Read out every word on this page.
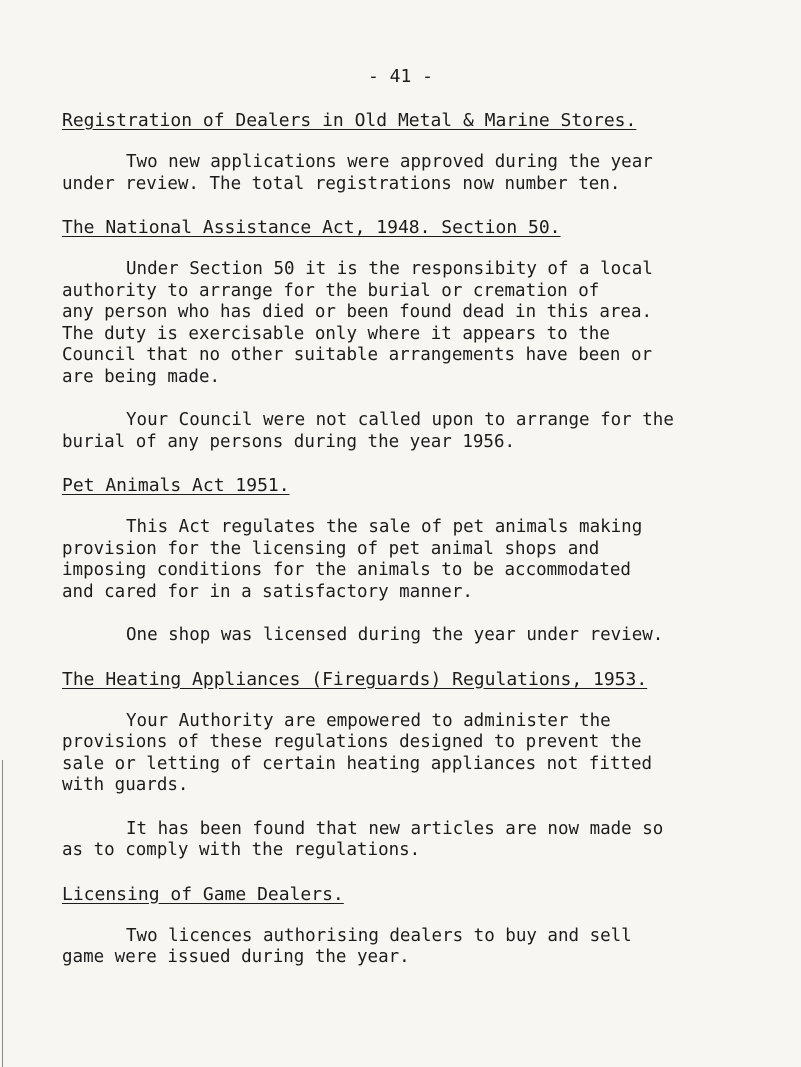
- 41 -
Registration of Dealers in Old Metal & Marine Stores.
Two new applications were approved during the year
under review. The total registrations now number ten.
The National Assistance Act, 1948. Section 50.
Under Section 50 it is the responsibity of a local
authority to arrange for the burial or cremation of
any person who has died or been found dead in this area.
The duty is exercisable only where it appears to the
Council that no other suitable arrangements have been or
are being made.
Your Council were not called upon to arrange for the
burial of any persons during the year 1956.
Pet Animals Act 1951.
This Act regulates the sale of pet animals making
provision for the licensing of pet animal shops and
imposing conditions for the animals to be accommodated
and cared for in a satisfactory manner.
One shop was licensed during the year under review.
The Heating Appliances (Fireguards) Regulations, 1953.
Your Authority are empowered to administer the
provisions of these regulations designed to prevent the
sale or letting of certain heating appliances not fitted
with guards.
It has been found that new articles are now made so
as to comply with the regulations.
Licensing of Game Dealers.
Two licences authorising dealers to buy and sell
game were issued during the year.
